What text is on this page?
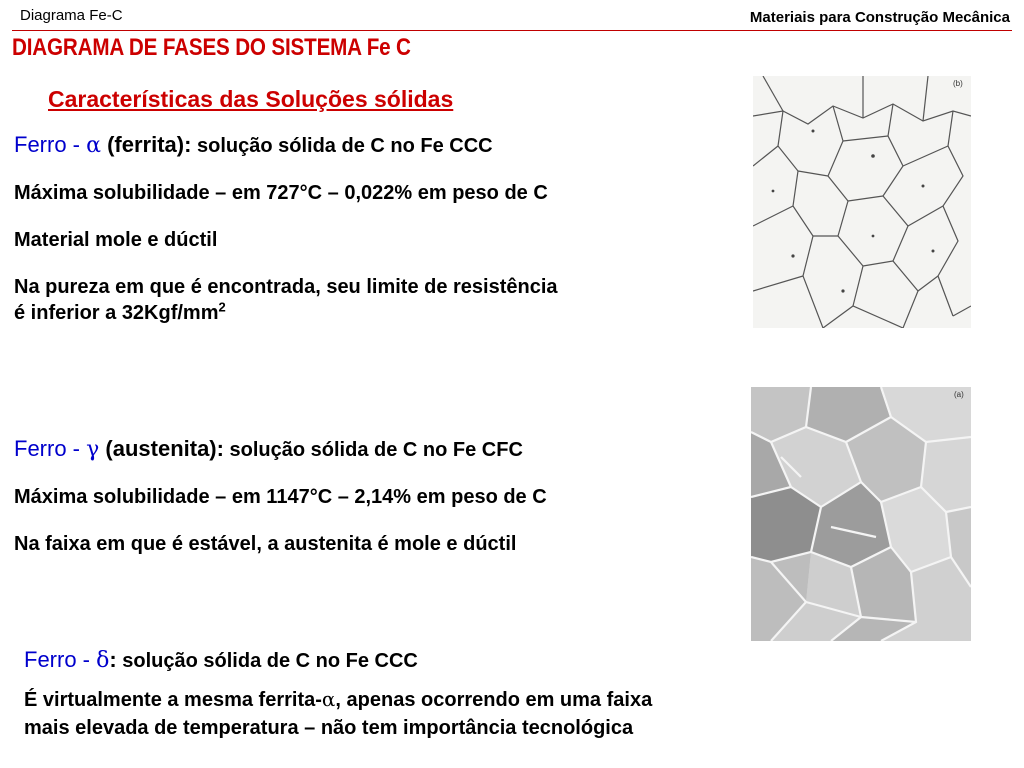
Diagrama Fe-C	Materiais para Construção Mecânica
DIAGRAMA DE FASES DO SISTEMA Fe C
Características das Soluções sólidas

Ferro - α (ferrita): solução sólida de C no Fe CCC

Máxima solubilidade – em 727°C – 0,022% em peso de C

Material mole e dúctil

Na pureza em que é encontrada, seu limite de resistência

é inferior a $32Kgf/mm^2$

(b)

Ferro - γ (austenita): solução sólida de C no Fe CFC

Máxima solubilidade – em 1147°C – 2,14% em peso de C

Na faixa em que é estável, a austenita é mole e dúctil

(a)

Ferro - δ: solução sólida de C no Fe CCC

É virtualmente a mesma ferrita-α, apenas ocorrendo em uma faixa

mais elevada de temperatura – não tem importância tecnológica
